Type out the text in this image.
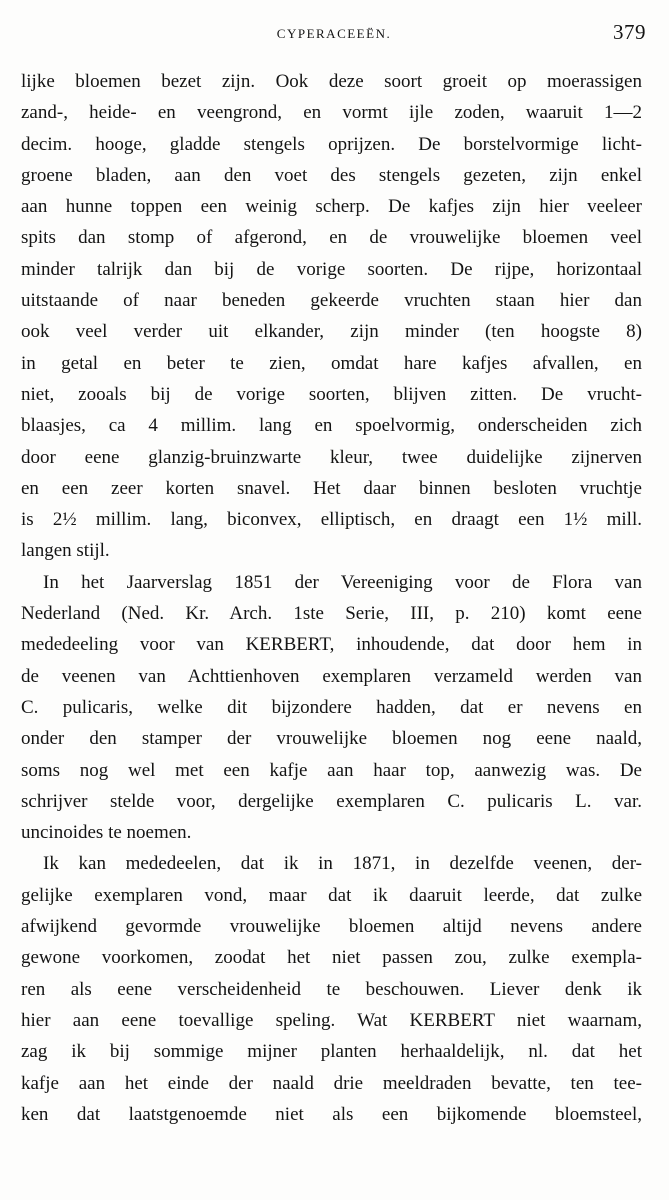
CYPERACEEËN.	379
lijke bloemen bezet zijn. Ook deze soort groeit op moerassigen
zand-, heide- en veengrond, en vormt ijle zoden, waaruit 1—2
decim. hooge, gladde stengels oprijzen. De borstelvormige licht-
groene bladen, aan den voet des stengels gezeten, zijn enkel
aan hunne toppen een weinig scherp. De kafjes zijn hier veeleer
spits dan stomp of afgerond, en de vrouwelijke bloemen veel
minder talrijk dan bij de vorige soorten. De rijpe, horizontaal
uitstaande of naar beneden gekeerde vruchten staan hier dan
ook veel verder uit elkander, zijn minder (ten hoogste 8)
in getal en beter te zien, omdat hare kafjes afvallen, en
niet, zooals bij de vorige soorten, blijven zitten. De vrucht-
blaasjes, ca 4 millim. lang en spoelvormig, onderscheiden zich
door eene glanzig-bruinzwarte kleur, twee duidelijke zijnerven
en een zeer korten snavel. Het daar binnen besloten vruchtje
is 2½ millim. lang, biconvex, elliptisch, en draagt een 1½ mill.
langen stijl.
In het Jaarverslag 1851 der Vereeniging voor de Flora van
Nederland (Ned. Kr. Arch. 1ste Serie, III, p. 210) komt eene
mededeeling voor van KERBERT, inhoudende, dat door hem in
de veenen van Achttienhoven exemplaren verzameld werden van
C. pulicaris, welke dit bijzondere hadden, dat er nevens en
onder den stamper der vrouwelijke bloemen nog eene naald,
soms nog wel met een kafje aan haar top, aanwezig was. De
schrijver stelde voor, dergelijke exemplaren C. pulicaris L. var.
uncinoides te noemen.
Ik kan mededeelen, dat ik in 1871, in dezelfde veenen, der-
gelijke exemplaren vond, maar dat ik daaruit leerde, dat zulke
afwijkend gevormde vrouwelijke bloemen altijd nevens andere
gewone voorkomen, zoodat het niet passen zou, zulke exempla-
ren als eene verscheidenheid te beschouwen. Liever denk ik
hier aan eene toevallige speling. Wat KERBERT niet waarnam,
zag ik bij sommige mijner planten herhaaldelijk, nl. dat het
kafje aan het einde der naald drie meeldraden bevatte, ten tee-
ken dat laatstgenoemde niet als een bijkomende bloemsteel,
